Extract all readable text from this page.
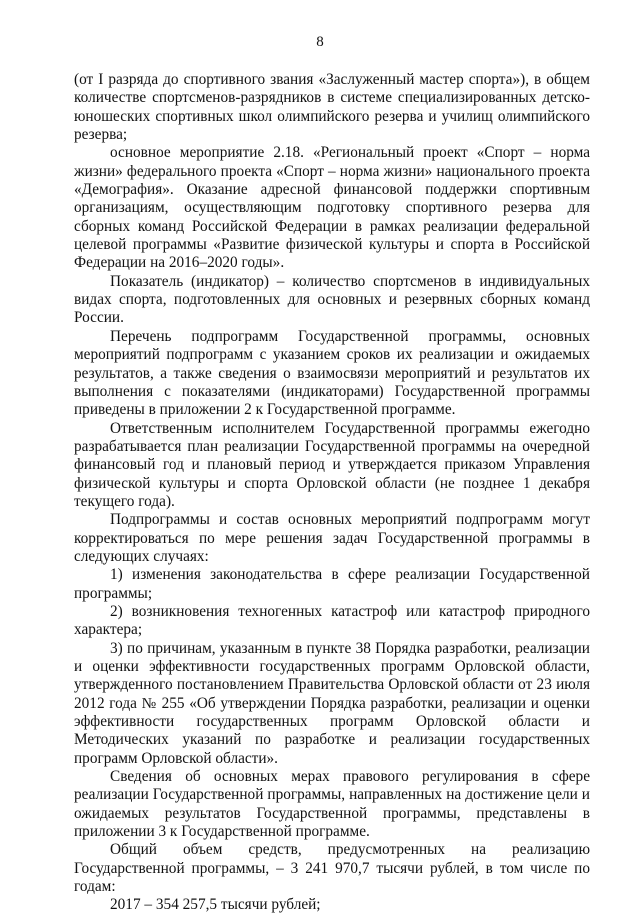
8

(от I разряда до спортивного звания «Заслуженный мастер спорта»), в общем количестве спортсменов-разрядников в системе специализированных детско-юношеских спортивных школ олимпийского резерва и училищ олимпийского резерва;

основное мероприятие 2.18. «Региональный проект «Спорт – норма жизни» федерального проекта «Спорт – норма жизни» национального проекта «Демография». Оказание адресной финансовой поддержки спортивным организациям, осуществляющим подготовку спортивного резерва для сборных команд Российской Федерации в рамках реализации федеральной целевой программы «Развитие физической культуры и спорта в Российской Федерации на 2016–2020 годы».

Показатель (индикатор) – количество спортсменов в индивидуальных видах спорта, подготовленных для основных и резервных сборных команд России.

Перечень подпрограмм Государственной программы, основных мероприятий подпрограмм с указанием сроков их реализации и ожидаемых результатов, а также сведения о взаимосвязи мероприятий и результатов их выполнения с показателями (индикаторами) Государственной программы приведены в приложении 2 к Государственной программе.

Ответственным исполнителем Государственной программы ежегодно разрабатывается план реализации Государственной программы на очередной финансовый год и плановый период и утверждается приказом Управления физической культуры и спорта Орловской области (не позднее 1 декабря текущего года).

Подпрограммы и состав основных мероприятий подпрограмм могут корректироваться по мере решения задач Государственной программы в следующих случаях:

1) изменения законодательства в сфере реализации Государственной программы;

2) возникновения техногенных катастроф или катастроф природного характера;

3) по причинам, указанным в пункте 38 Порядка разработки, реализации и оценки эффективности государственных программ Орловской области, утвержденного постановлением Правительства Орловской области от 23 июля 2012 года № 255 «Об утверждении Порядка разработки, реализации и оценки эффективности государственных программ Орловской области и Методических указаний по разработке и реализации государственных программ Орловской области».

Сведения об основных мерах правового регулирования в сфере реализации Государственной программы, направленных на достижение цели и ожидаемых результатов Государственной программы, представлены в приложении 3 к Государственной программе.

Общий объем средств, предусмотренных на реализацию Государственной программы, – 3 241 970,7 тысячи рублей, в том числе по годам:

2017 – 354 257,5 тысячи рублей;
